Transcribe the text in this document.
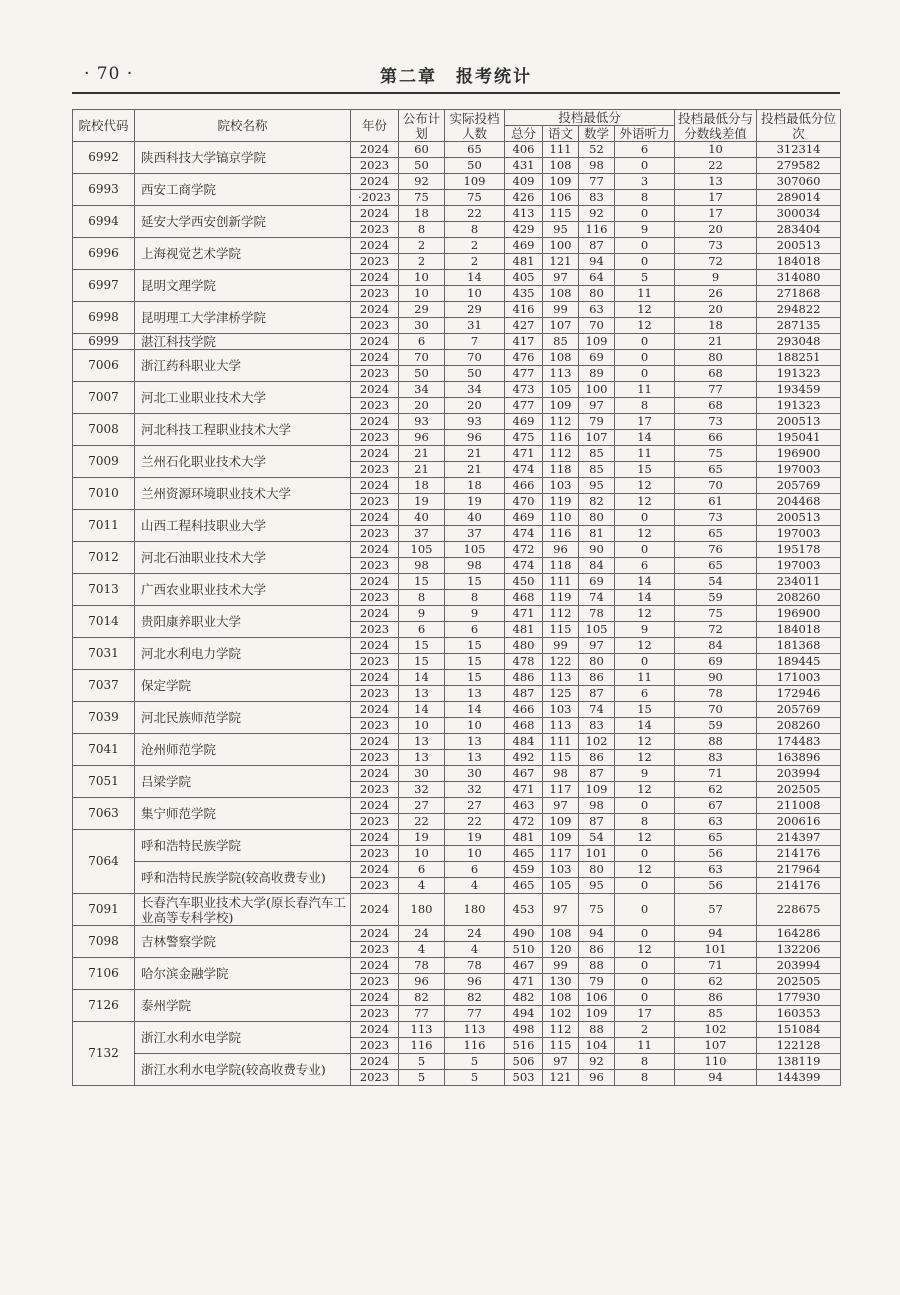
· 70 ·	第二章　报考统计
院校代码	院校名称	年份	公布计划	实际投档人数	投档最低分				投档最低分与分数线差值	投档最低分位次
					总分	语文	数学	外语听力		
6992	陕西科技大学镐京学院	2024	60	65	406	111	52	6	10	312314
		2023	50	50	431	108	98	0	22	279582
6993	西安工商学院	2024	92	109	409	109	77	3	13	307060
		·2023	75	75	426	106	83	8	17	289014
6994	延安大学西安创新学院	2024	18	22	413	115	92	0	17	300034
		2023	8	8	429	95	116	9	20	283404
6996	上海视觉艺术学院	2024	2	2	469	100	87	0	73	200513
		2023	2	2	481	121	94	0	72	184018
6997	昆明文理学院	2024	10	14	405	97	64	5	9	314080
		2023	10	10	435	108	80	11	26	271868
6998	昆明理工大学津桥学院	2024	29	29	416	99	63	12	20	294822
		2023	30	31	427	107	70	12	18	287135
6999	湛江科技学院	2024	6	7	417	85	109	0	21	293048
7006	浙江药科职业大学	2024	70	70	476	108	69	0	80	188251
		2023	50	50	477	113	89	0	68	191323
7007	河北工业职业技术大学	2024	34	34	473	105	100	11	77	193459
		2023	20	20	477	109	97	8	68	191323
7008	河北科技工程职业技术大学	2024	93	93	469	112	79	17	73	200513
		2023	96	96	475	116	107	14	66	195041
7009	兰州石化职业技术大学	2024	21	21	471	112	85	11	75	196900
		2023	21	21	474	118	85	15	65	197003
7010	兰州资源环境职业技术大学	2024	18	18	466	103	95	12	70	205769
		2023	19	19	470	119	82	12	61	204468
7011	山西工程科技职业大学	2024	40	40	469	110	80	0	73	200513
		2023	37	37	474	116	81	12	65	197003
7012	河北石油职业技术大学	2024	105	105	472	96	90	0	76	195178
		2023	98	98	474	118	84	6	65	197003
7013	广西农业职业技术大学	2024	15	15	450	111	69	14	54	234011
		2023	8	8	468	119	74	14	59	208260
7014	贵阳康养职业大学	2024	9	9	471	112	78	12	75	196900
		2023	6	6	481	115	105	9	72	184018
7031	河北水利电力学院	2024	15	15	480	99	97	12	84	181368
		2023	15	15	478	122	80	0	69	189445
7037	保定学院	2024	14	15	486	113	86	11	90	171003
		2023	13	13	487	125	87	6	78	172946
7039	河北民族师范学院	2024	14	14	466	103	74	15	70	205769
		2023	10	10	468	113	83	14	59	208260
7041	沧州师范学院	2024	13	13	484	111	102	12	88	174483
		2023	13	13	492	115	86	12	83	163896
7051	吕梁学院	2024	30	30	467	98	87	9	71	203994
		2023	32	32	471	117	109	12	62	202505
7063	集宁师范学院	2024	27	27	463	97	98	0	67	211008
		2023	22	22	472	109	87	8	63	200616
7064	呼和浩特民族学院	2024	19	19	481	109	54	12	65	214397
		2023	10	10	465	117	101	0	56	214176
	呼和浩特民族学院(较高收费专业)	2024	6	6	459	103	80	12	63	217964
		2023	4	4	465	105	95	0	56	214176
7091	长春汽车职业技术大学(原长春汽车工业高等专科学校)	2024	180	180	453	97	75	0	57	228675
7098	吉林警察学院	2024	24	24	490	108	94	0	94	164286
		2023	4	4	510	120	86	12	101	132206
7106	哈尔滨金融学院	2024	78	78	467	99	88	0	71	203994
		2023	96	96	471	130	79	0	62	202505
7126	泰州学院	2024	82	82	482	108	106	0	86	177930
		2023	77	77	494	102	109	17	85	160353
7132	浙江水利水电学院	2024	113	113	498	112	88	2	102	151084
		2023	116	116	516	115	104	11	107	122128
	浙江水利水电学院(较高收费专业)	2024	5	5	506	97	92	8	110	138119
		2023	5	5	503	121	96	8	94	144399
